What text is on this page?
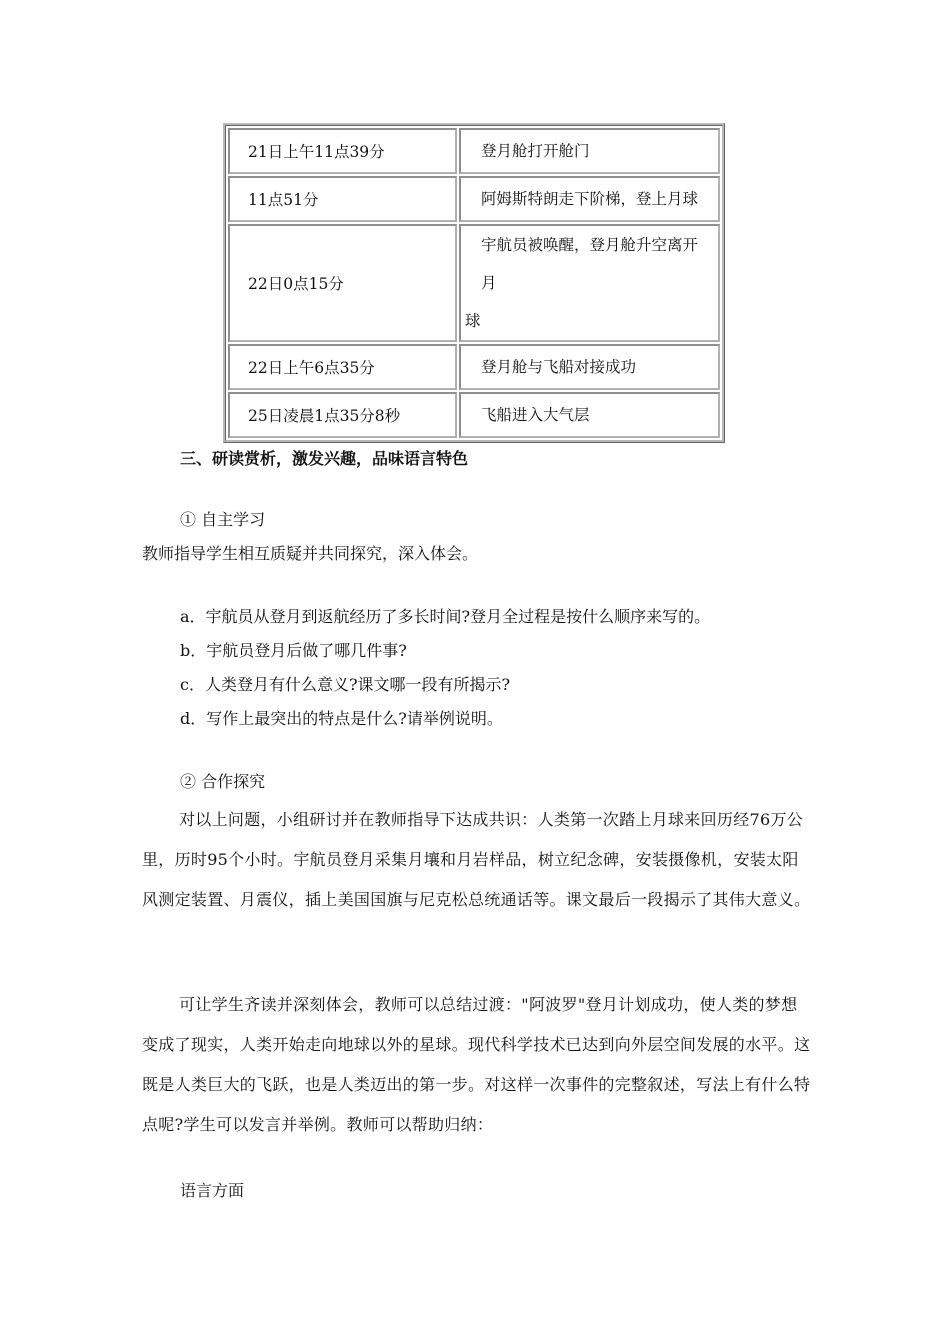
21日上午11点39分	登月舱打开舱门
11点51分	阿姆斯特朗走下阶梯，登上月球
22日0点15分	宇航员被唤醒，登月舱升空离开月
球

22日上午6点35分	登月舱与飞船对接成功
25日凌晨1点35分8秒	飞船进入大气层
三、研读赏析，激发兴趣，品味语言特色
① 自主学习
教师指导学生相互质疑并共同探究，深入体会。
a．宇航员从登月到返航经历了多长时间?登月全过程是按什么顺序来写的。
b．宇航员登月后做了哪几件事?
c．人类登月有什么意义?课文哪一段有所揭示?
d．写作上最突出的特点是什么?请举例说明。
② 合作探究
对以上问题，小组研讨并在教师指导下达成共识：人类第一次踏上月球来回历经76万公里，历时95个小时。宇航员登月采集月壤和月岩样品，树立纪念碑，安装摄像机，安装太阳风测定装置、月震仪，插上美国国旗与尼克松总统通话等。课文最后一段揭示了其伟大意义。
可让学生齐读并深刻体会，教师可以总结过渡："阿波罗"登月计划成功，使人类的梦想变成了现实，人类开始走向地球以外的星球。现代科学技术已达到向外层空间发展的水平。这既是人类巨大的飞跃，也是人类迈出的第一步。对这样一次事件的完整叙述，写法上有什么特点呢?学生可以发言并举例。教师可以帮助归纳：
语言方面
